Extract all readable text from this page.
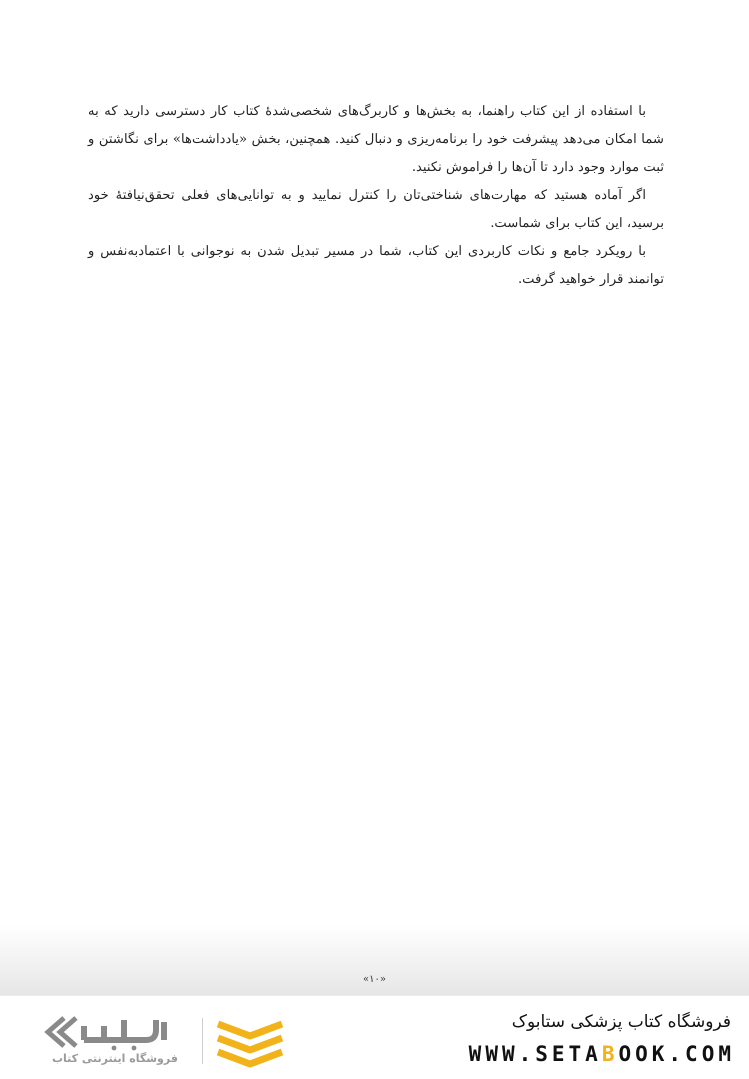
با استفاده از این کتاب راهنما، به بخش‌ها و کاربرگ‌های شخصی‌شدهٔ کتاب کار دسترسی دارید که به شما امکان می‌دهد پیشرفت خود را برنامه‌ریزی و دنبال کنید. همچنین، بخش «یادداشت‌ها» برای نگاشتن و ثبت موارد وجود دارد تا آن‌ها را فراموش نکنید.

اگر آماده هستید که مهارت‌های شناختی‌تان را کنترل نمایید و به توانایی‌های فعلی تحقق‌نیافتهٔ خود برسید، این کتاب برای شماست.

با رویکرد جامع و نکات کاربردی این کتاب، شما در مسیر تبدیل شدن به نوجوانی با اعتمادبه‌نفس و توانمند قرار خواهید گرفت.

«۱۰»
فروشگاه اینترنتی کتاب
فروشگاه کتاب پزشکی ستابوک
WWW.SETABOOK.COM
